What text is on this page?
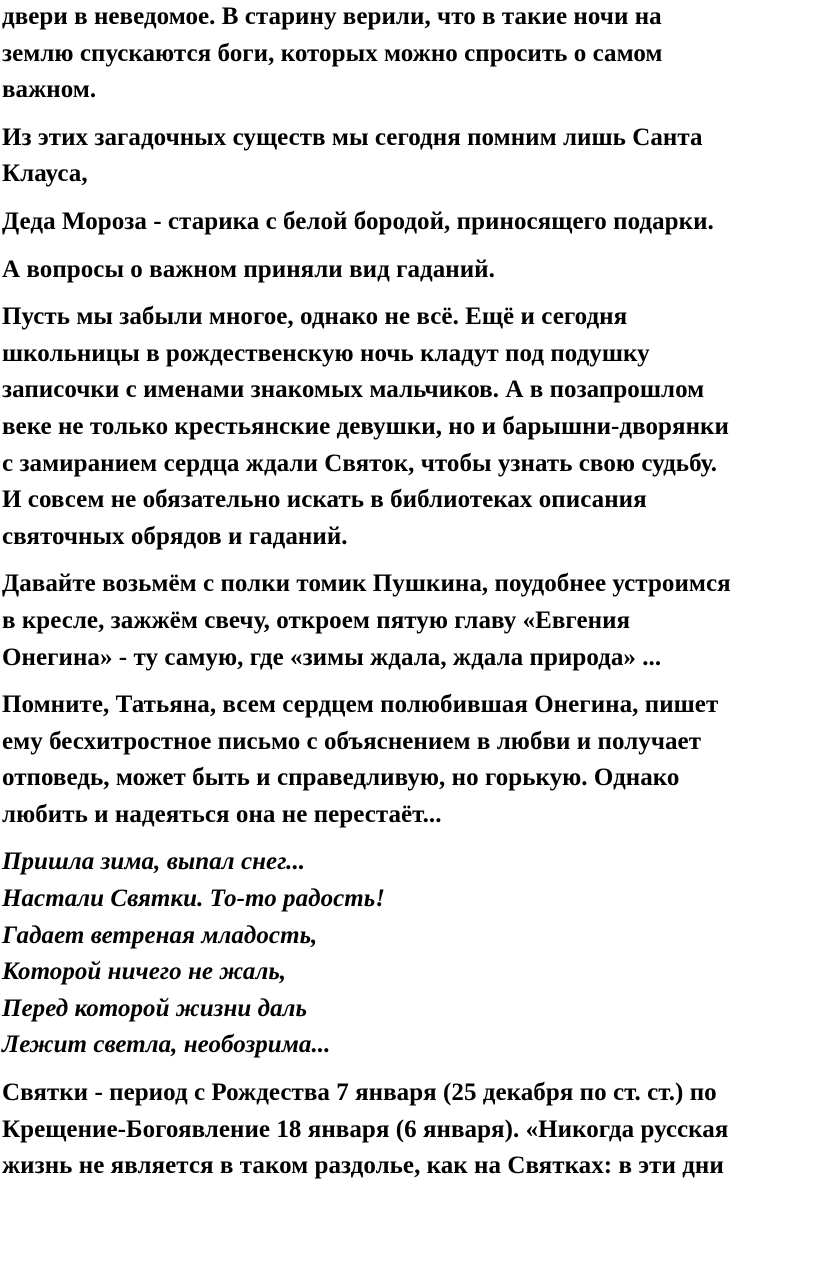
двери в неведомое. В старину верили, что в такие ночи на
землю спускаются боги, которых можно спросить о самом
важном.

Из этих загадочных существ мы сегодня помним лишь Санта
Клауса,

Деда Мороза - старика с белой бородой, приносящего подарки.

А вопросы о важном приняли вид гаданий.

Пусть мы забыли многое, однако не всё. Ещё и сегодня
школьницы в рождественскую ночь кладут под подушку
записочки с именами знакомых мальчиков. А в позапрошлом
веке не только крестьянские девушки, но и барышни-дворянки
с замиранием сердца ждали Святок, чтобы узнать свою судьбу.
И совсем не обязательно искать в библиотеках описания
святочных обрядов и гаданий.

Давайте возьмём с полки томик Пушкина, поудобнее устроимся
в кресле, зажжём свечу, откроем пятую главу «Евгения
Онегина» - ту самую, где «зимы ждала, ждала природа» ...

Помните, Татьяна, всем сердцем полюбившая Онегина, пишет
ему бесхитростное письмо с объяснением в любви и получает
отповедь, может быть и справедливую, но горькую. Однако
любить и надеяться она не перестаёт...

Пришла зима, выпал снег...
Настали Святки. То-то радость!
Гадает ветреная младость,
Которой ничего не жаль,
Перед которой жизни даль
Лежит светла, необозрима...

Святки - период с Рождества 7 января (25 декабря по ст. ст.) по
Крещение-Богоявление 18 января (6 января). «Никогда русская
жизнь не является в таком раздолье, как на Святках: в эти дни
